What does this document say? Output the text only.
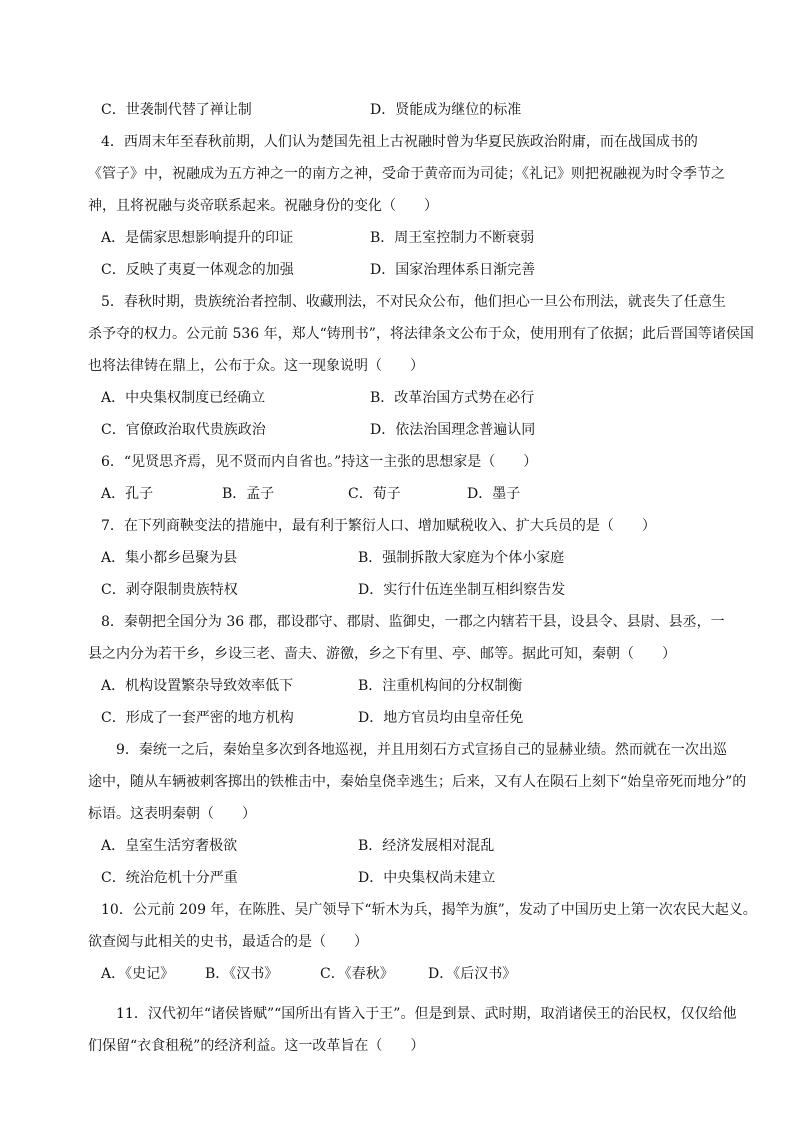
C．世袭制代替了禅让制	D．贤能成为继位的标准
4．西周末年至春秋前期，人们认为楚国先祖上古祝融时曾为华夏民族政治附庸，而在战国成书的
《管子》中，祝融成为五方神之一的南方之神，受命于黄帝而为司徒；《礼记》则把祝融视为时令季节之
神，且将祝融与炎帝联系起来。祝融身份的变化（　　）
A．是儒家思想影响提升的印证	B．周王室控制力不断衰弱
C．反映了夷夏一体观念的加强	D．国家治理体系日渐完善
5．春秋时期，贵族统治者控制、收藏刑法，不对民众公布，他们担心一旦公布刑法，就丧失了任意生
杀予夺的权力。公元前 536 年，郑人“铸刑书”，将法律条文公布于众，使用刑有了依据；此后晋国等诸侯国
也将法律铸在鼎上，公布于众。这一现象说明（　　）
A．中央集权制度已经确立	B．改革治国方式势在必行
C．官僚政治取代贵族政治	D．依法治国理念普遍认同
6．“见贤思齐焉，见不贤而内自省也。”持这一主张的思想家是（　　）
A．孔子	B．孟子	C．荀子	D．墨子
7．在下列商鞅变法的措施中，最有利于繁衍人口、增加赋税收入、扩大兵员的是（　　）
A．集小都乡邑聚为县	B．强制拆散大家庭为个体小家庭
C．剥夺限制贵族特权	D．实行什伍连坐制互相纠察告发
8．秦朝把全国分为 36 郡，郡设郡守、郡尉、监御史，一郡之内辖若干县，设县令、县尉、县丞，一
县之内分为若干乡，乡设三老、啬夫、游徼，乡之下有里、亭、邮等。据此可知，秦朝（　　）
A．机构设置繁杂导致效率低下	B．注重机构间的分权制衡
C．形成了一套严密的地方机构	D．地方官员均由皇帝任免
9．秦统一之后，秦始皇多次到各地巡视，并且用刻石方式宣扬自己的显赫业绩。然而就在一次出巡
途中，随从车辆被刺客掷出的铁椎击中，秦始皇侥幸逃生；后来，又有人在陨石上刻下“始皇帝死而地分”的
标语。这表明秦朝（　　）
A．皇室生活穷奢极欲	B．经济发展相对混乱
C．统治危机十分严重	D．中央集权尚未建立
10．公元前 209 年，在陈胜、吴广领导下“斩木为兵，揭竿为旗”，发动了中国历史上第一次农民大起义。
欲查阅与此相关的史书，最适合的是（　　）
A．《史记》 B．《汉书》	C．《春秋》 D．《后汉书》
11．汉代初年“诸侯皆赋”“国所出有皆入于王”。但是到景、武时期，取消诸侯王的治民权，仅仅给他
们保留“衣食租税”的经济利益。这一改革旨在（　　）
